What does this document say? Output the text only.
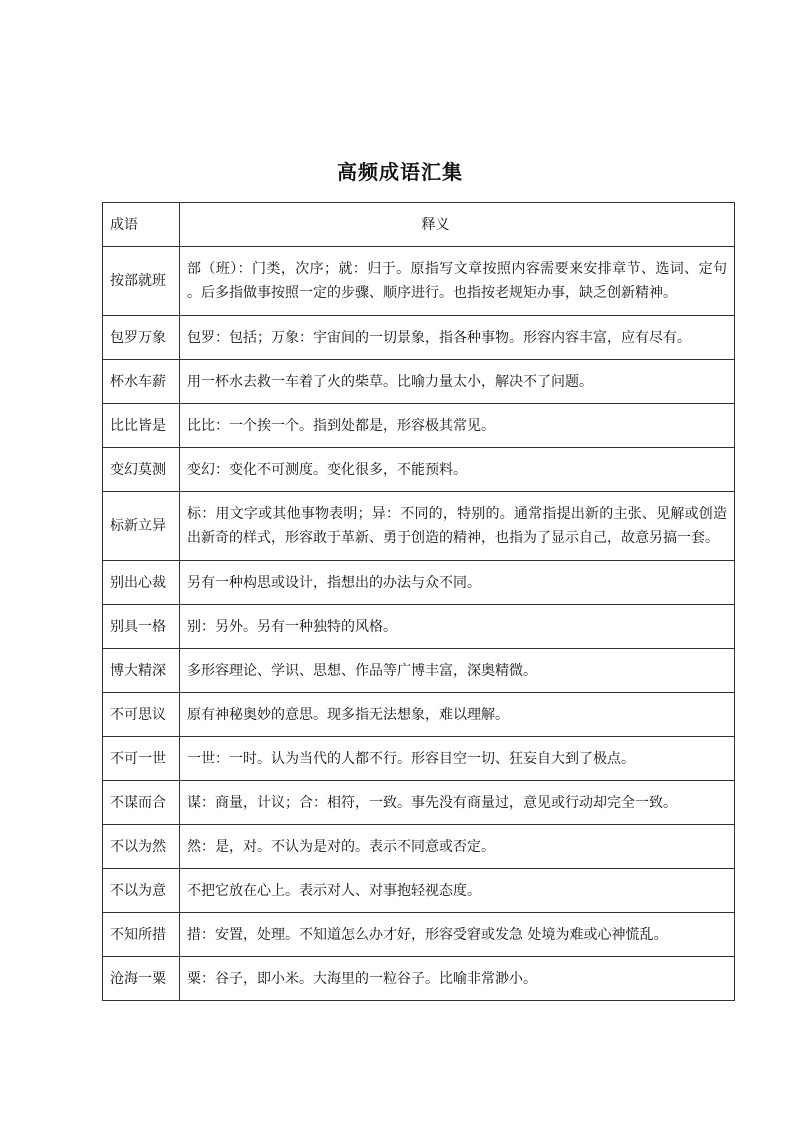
高频成语汇集
成语	释义
按部就班	部（班）：门类，次序；就：归于。原指写文章按照内容需要来安排章节、选词、定句 。后多指做事按照一定的步骤、顺序进行。也指按老规矩办事，缺乏创新精神。
包罗万象	包罗：包括；万象：宇宙间的一切景象，指各种事物。形容内容丰富，应有尽有。
杯水车薪	用一杯水去救一车着了火的柴草。比喻力量太小，解决不了问题。
比比皆是	比比：一个挨一个。指到处都是，形容极其常见。
变幻莫测	变幻：变化不可测度。变化很多，不能预料。
标新立异	标：用文字或其他事物表明；异：不同的，特别的。通常指提出新的主张、见解或创造出新奇的样式，形容敢于革新、勇于创造的精神，也指为了显示自己，故意另搞一套。
别出心裁	另有一种构思或设计，指想出的办法与众不同。
别具一格	别：另外。另有一种独特的风格。
博大精深	多形容理论、学识、思想、作品等广博丰富，深奥精微。
不可思议	原有神秘奥妙的意思。现多指无法想象，难以理解。
不可一世	一世：一时。认为当代的人都不行。形容目空一切、狂妄自大到了极点。
不谋而合	谋：商量，计议；合：相符，一致。事先没有商量过，意见或行动却完全一致。
不以为然	然：是，对。不认为是对的。表示不同意或否定。
不以为意	不把它放在心上。表示对人、对事抱轻视态度。
不知所措	措：安置，处理。不知道怎么办才好，形容受窘或发急 处境为难或心神慌乱。
沧海一粟	粟：谷子，即小米。大海里的一粒谷子。比喻非常渺小。
